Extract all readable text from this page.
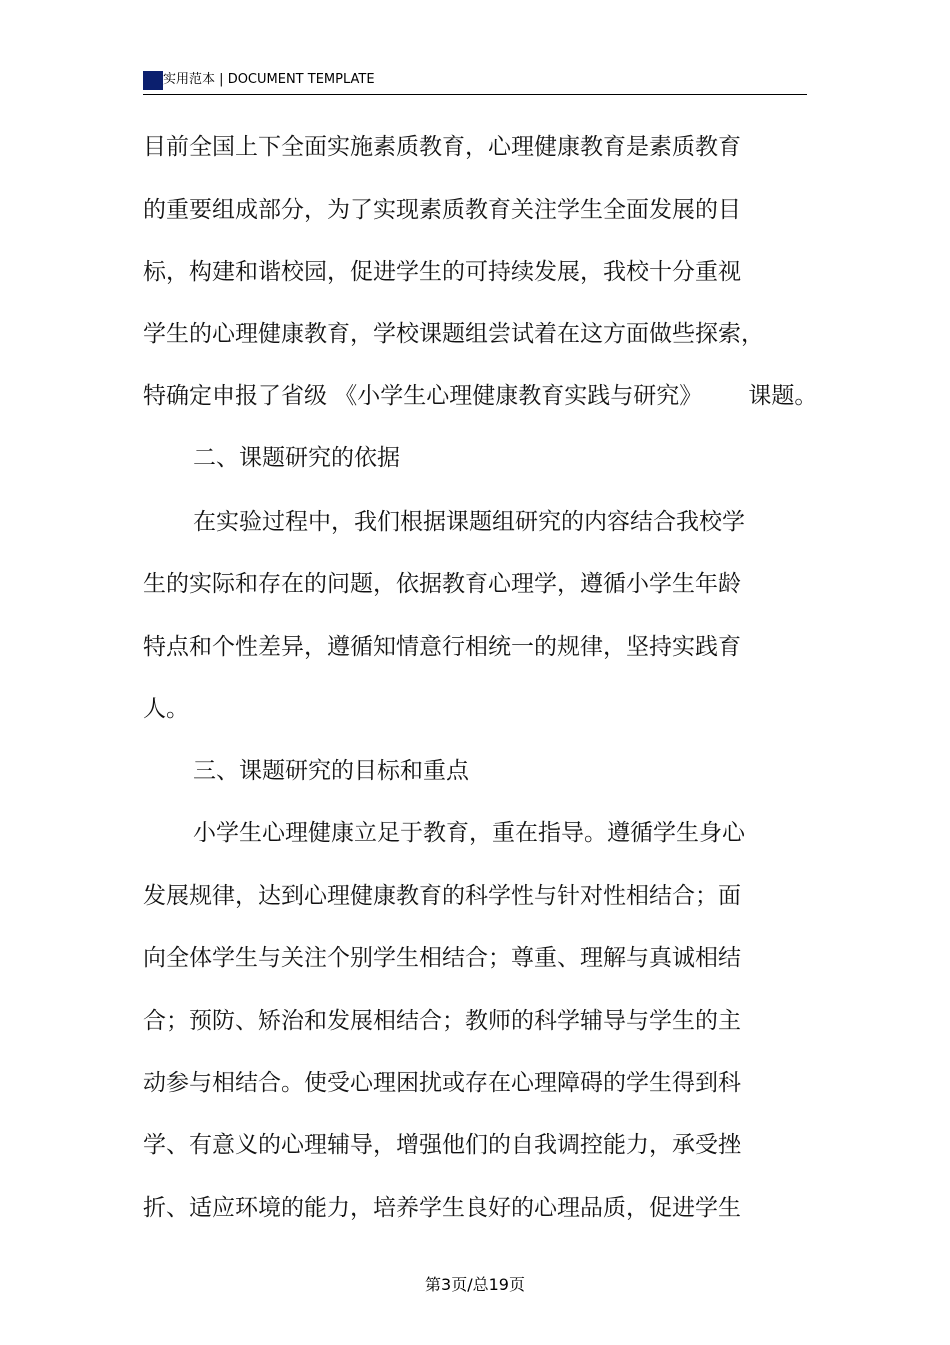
实用范本 | DOCUMENT TEMPLATE
目前全国上下全面实施素质教育，心理健康教育是素质教育
的重要组成部分，为了实现素质教育关注学生全面发展的目
标，构建和谐校园，促进学生的可持续发展，我校十分重视
学生的心理健康教育，学校课题组尝试着在这方面做些探索，
特确定申报了省级 《小学生心理健康教育实践与研究》 课题。
二、课题研究的依据
在实验过程中，我们根据课题组研究的内容结合我校学
生的实际和存在的问题，依据教育心理学，遵循小学生年龄
特点和个性差异，遵循知情意行相统一的规律，坚持实践育
人。
三、课题研究的目标和重点
小学生心理健康立足于教育，重在指导。遵循学生身心
发展规律，达到心理健康教育的科学性与针对性相结合；面
向全体学生与关注个别学生相结合；尊重、理解与真诚相结
合；预防、矫治和发展相结合；教师的科学辅导与学生的主
动参与相结合。使受心理困扰或存在心理障碍的学生得到科
学、有意义的心理辅导，增强他们的自我调控能力，承受挫
折、适应环境的能力，培养学生良好的心理品质，促进学生
第3页/总19页
